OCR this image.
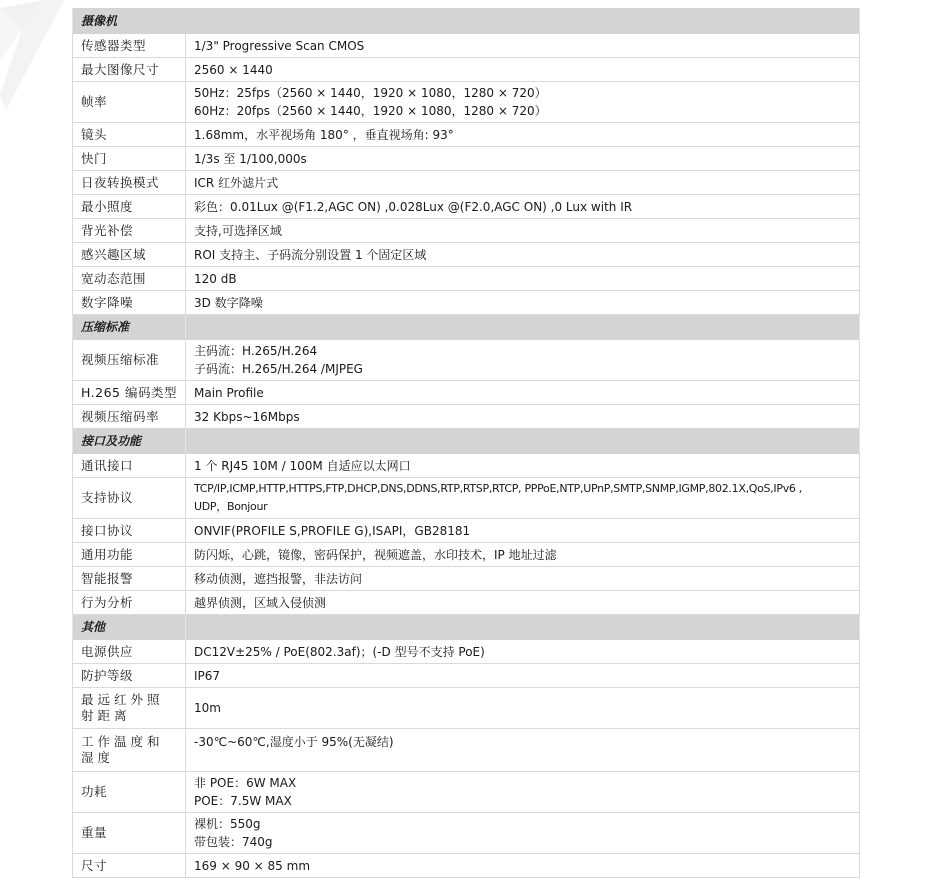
摄像机	
传感器类型	1/3" Progressive Scan CMOS
最大图像尺寸	2560 × 1440
帧率	50Hz：25fps（2560 × 1440，1920 × 1080，1280 × 720）
60Hz：20fps（2560 × 1440，1920 × 1080，1280 × 720）

镜头	1.68mm，水平视场角 180° ，垂直视场角: 93°
快门	1/3s 至 1/100,000s
日夜转换模式	ICR 红外滤片式
最小照度	彩色：0.01Lux @(F1.2,AGC ON) ,0.028Lux @(F2.0,AGC ON) ,0 Lux with IR
背光补偿	支持,可选择区域
感兴趣区域	ROI 支持主、子码流分别设置 1 个固定区域
宽动态范围	120 dB
数字降噪	3D 数字降噪
压缩标准	
视频压缩标准	主码流：H.265/H.264
子码流：H.265/H.264 /MJPEG

H.265 编码类型	Main Profile
视频压缩码率	32 Kbps~16Mbps
接口及功能	
通讯接口	1 个 RJ45 10M / 100M 自适应以太网口
支持协议	TCP/IP,ICMP,HTTP,HTTPS,FTP,DHCP,DNS,DDNS,RTP,RTSP,RTCP, PPPoE,NTP,UPnP,SMTP,SNMP,IGMP,802.1X,QoS,IPv6 ,
UDP，Bonjour

接口协议	ONVIF(PROFILE S,PROFILE G),ISAPI，GB28181
通用功能	防闪烁，心跳，镜像，密码保护，视频遮盖，水印技术，IP 地址过滤
智能报警	移动侦测，遮挡报警，非法访问
行为分析	越界侦测，区域入侵侦测
其他	
电源供应	DC12V±25% / PoE(802.3af)；(-D 型号不支持 PoE)
防护等级	IP67
最远红外照射距离	10m
工作温度和湿度	-30℃~60℃,湿度小于 95%(无凝结)
功耗	非 POE：6W MAX
POE：7.5W MAX

重量	裸机：550g
带包装：740g

尺寸	169 × 90 × 85 mm
